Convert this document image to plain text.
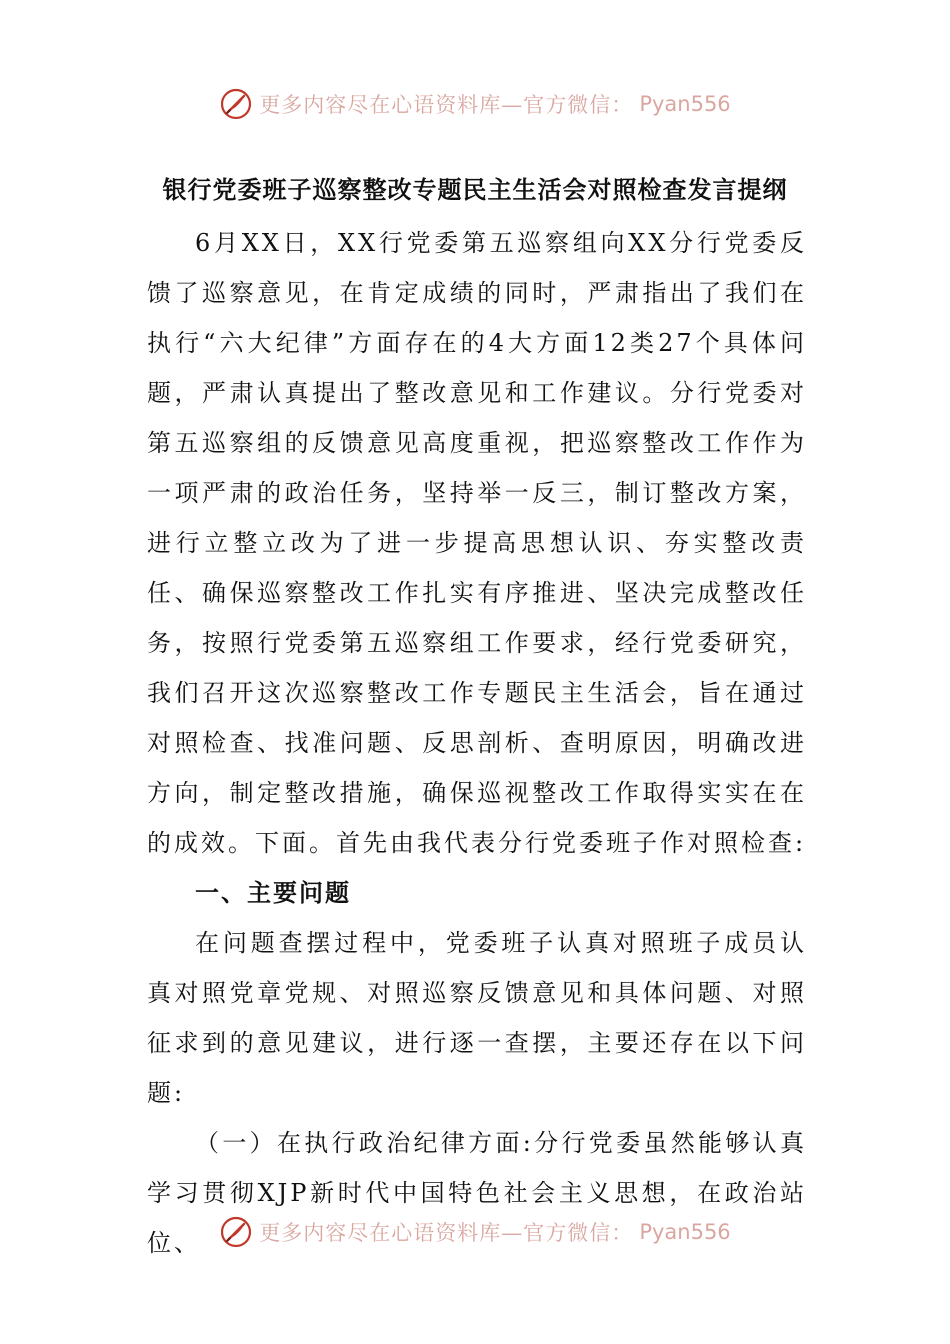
更多内容尽在心语资料库—官方微信： Pyan556
银行党委班子巡察整改专题民主生活会对照检查发言提纲

6月XX日，XX行党委第五巡察组向XX分行党委反馈了巡察意见，在肯定成绩的同时，严肃指出了我们在执行“六大纪律”方面存在的4大方面12类27个具体问题，严肃认真提出了整改意见和工作建议。分行党委对第五巡察组的反馈意见高度重视，把巡察整改工作作为一项严肃的政治任务，坚持举一反三，制订整改方案，进行立整立改为了进一步提高思想认识、夯实整改责任、确保巡察整改工作扎实有序推进、坚决完成整改任务，按照行党委第五巡察组工作要求，经行党委研究，我们召开这次巡察整改工作专题民主生活会，旨在通过对照检查、找准问题、反思剖析、查明原因，明确改进方向，制定整改措施，确保巡视整改工作取得实实在在的成效。下面。首先由我代表分行党委班子作对照检查:

一、主要问题

在问题查摆过程中，党委班子认真对照班子成员认真对照党章党规、对照巡察反馈意见和具体问题、对照征求到的意见建议，进行逐一查摆，主要还存在以下问题:

（一）在执行政治纪律方面:分行党委虽然能够认真学习贯彻XJP新时代中国特色社会主义思想，在政治站位、	更多内容尽在心语资料库—官方微信： Pyan556
